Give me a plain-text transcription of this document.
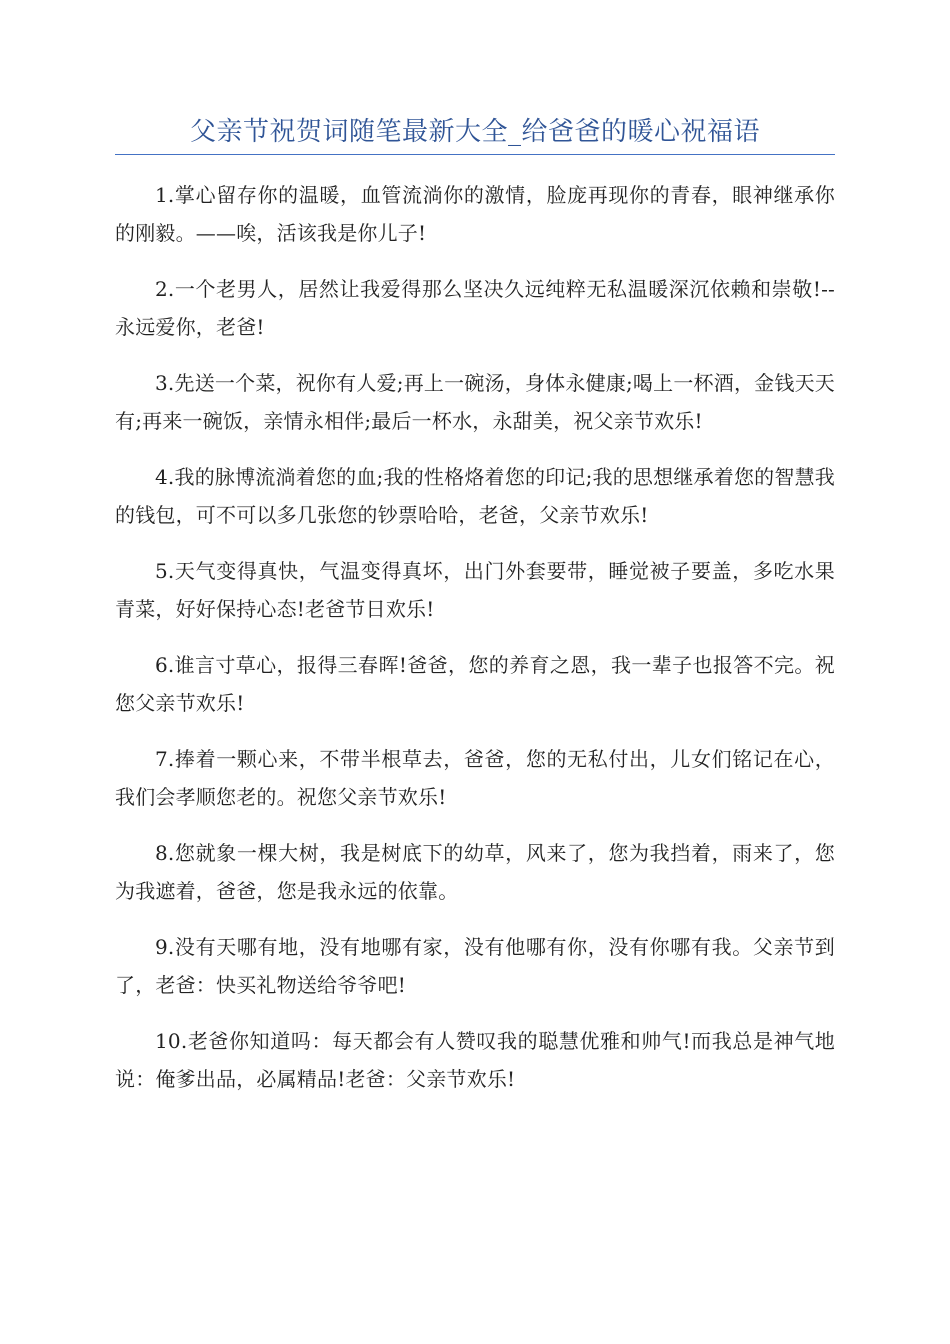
父亲节祝贺词随笔最新大全_给爸爸的暖心祝福语

1.掌心留存你的温暖，血管流淌你的激情，脸庞再现你的青春，眼神继承你的刚毅。——唉，活该我是你儿子!

2.一个老男人，居然让我爱得那么坚决久远纯粹无私温暖深沉依赖和崇敬!--永远爱你，老爸!

3.先送一个菜，祝你有人爱;再上一碗汤，身体永健康;喝上一杯酒，金钱天天有;再来一碗饭，亲情永相伴;最后一杯水，永甜美，祝父亲节欢乐!

4.我的脉博流淌着您的血;我的性格烙着您的印记;我的思想继承着您的智慧我的钱包，可不可以多几张您的钞票哈哈，老爸，父亲节欢乐!

5.天气变得真快，气温变得真坏，出门外套要带，睡觉被子要盖，多吃水果青菜，好好保持心态!老爸节日欢乐!

6.谁言寸草心，报得三春晖!爸爸，您的养育之恩，我一辈子也报答不完。祝您父亲节欢乐!

7.捧着一颗心来，不带半根草去，爸爸，您的无私付出，儿女们铭记在心，我们会孝顺您老的。祝您父亲节欢乐!

8.您就象一棵大树，我是树底下的幼草，风来了，您为我挡着，雨来了，您为我遮着，爸爸，您是我永远的依靠。

9.没有天哪有地，没有地哪有家，没有他哪有你，没有你哪有我。父亲节到了，老爸：快买礼物送给爷爷吧!

10.老爸你知道吗：每天都会有人赞叹我的聪慧优雅和帅气!而我总是神气地说：俺爹出品，必属精品!老爸：父亲节欢乐!
